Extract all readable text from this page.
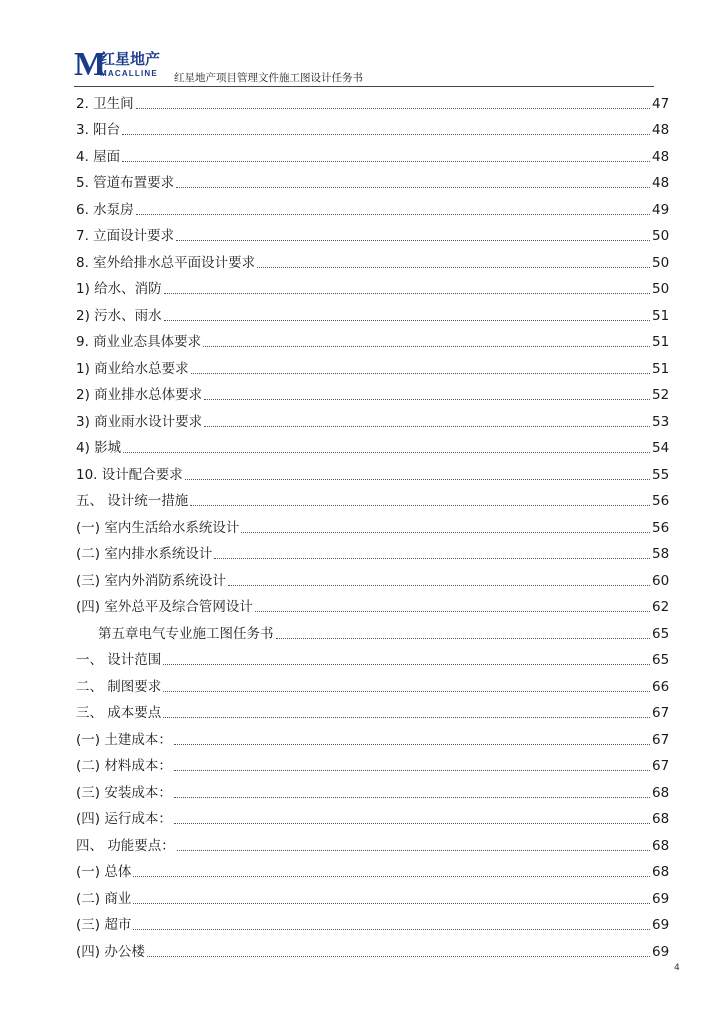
M
红星地产
MACALLINE 红星地产项目管理文件施工图设计任务书
2. 卫生间	47
3. 阳台	48
4. 屋面	48
5. 管道布置要求	48
6. 水泵房	49
7. 立面设计要求	50
8. 室外给排水总平面设计要求	50
1) 给水、消防	50
2) 污水、雨水	51
9. 商业业态具体要求	51
1) 商业给水总要求	51
2) 商业排水总体要求	52
3) 商业雨水设计要求	53
4) 影城	54
10. 设计配合要求	55
五、 设计统一措施	56
(一) 室内生活给水系统设计	56
(二) 室内排水系统设计	58
(三) 室内外消防系统设计	60
(四) 室外总平及综合管网设计	62
第五章电气专业施工图任务书	65
一、 设计范围	65
二、 制图要求	66
三、 成本要点	67
(一) 土建成本：	67
(二) 材料成本：	67
(三) 安装成本：	68
(四) 运行成本：	68
四、 功能要点：	68
(一) 总体	68
(二) 商业	69
(三) 超市	69
(四) 办公楼	69
4
